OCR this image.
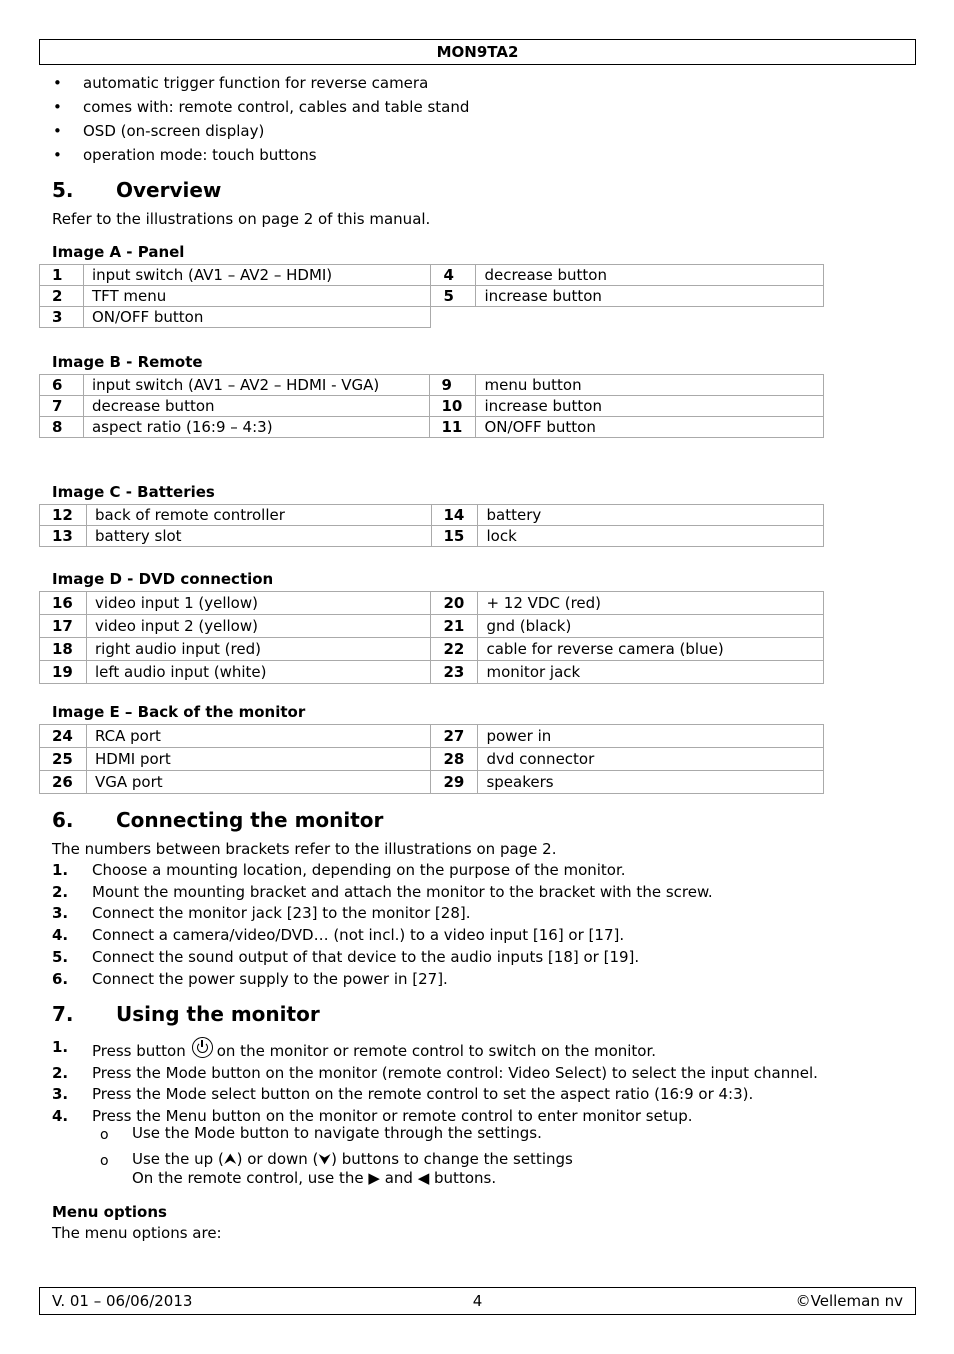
MON9TA2
• automatic trigger function for reverse camera
• comes with: remote control, cables and table stand
• OSD (on-screen display)
• operation mode: touch buttons
5. Overview
Refer to the illustrations on page 2 of this manual.
Image A - Panel
1	input switch (AV1 – AV2 – HDMI)	4	decrease button
2	TFT menu	5	increase button
3	ON/OFF button		
Image B - Remote
6	input switch (AV1 – AV2 – HDMI - VGA)	9	menu button
7	decrease button	10	increase button
8	aspect ratio (16:9 – 4:3)	11	ON/OFF button
Image C - Batteries
12	back of remote controller	14	battery
13	battery slot	15	lock
Image D - DVD connection
16	video input 1 (yellow)	20	+ 12 VDC (red)
17	video input 2 (yellow)	21	gnd (black)
18	right audio input (red)	22	cable for reverse camera (blue)
19	left audio input (white)	23	monitor jack
Image E – Back of the monitor
24	RCA port	27	power in
25	HDMI port	28	dvd connector
26	VGA port	29	speakers
6. Connecting the monitor
The numbers between brackets refer to the illustrations on page 2.
1. Choose a mounting location, depending on the purpose of the monitor.
2. Mount the mounting bracket and attach the monitor to the bracket with the screw.
3. Connect the monitor jack [23] to the monitor [28].
4. Connect a camera/video/DVD… (not incl.) to a video input [16] or [17].
5. Connect the sound output of that device to the audio inputs [18] or [19].
6. Connect the power supply to the power in [27].
7. Using the monitor
1. Press button on the monitor or remote control to switch on the monitor.
2. Press the Mode button on the monitor (remote control: Video Select) to select the input channel.
3. Press the Mode select button on the remote control to set the aspect ratio (16:9 or 4:3).
4. Press the Menu button on the monitor or remote control to enter monitor setup.
o Use the Mode button to navigate through the settings.
o Use the up (⮝) or down (⮟) buttons to change the settings
On the remote control, use the ▶ and ◀ buttons.
Menu options
The menu options are:
V. 01 – 06/06/2013	4	©Velleman nv
